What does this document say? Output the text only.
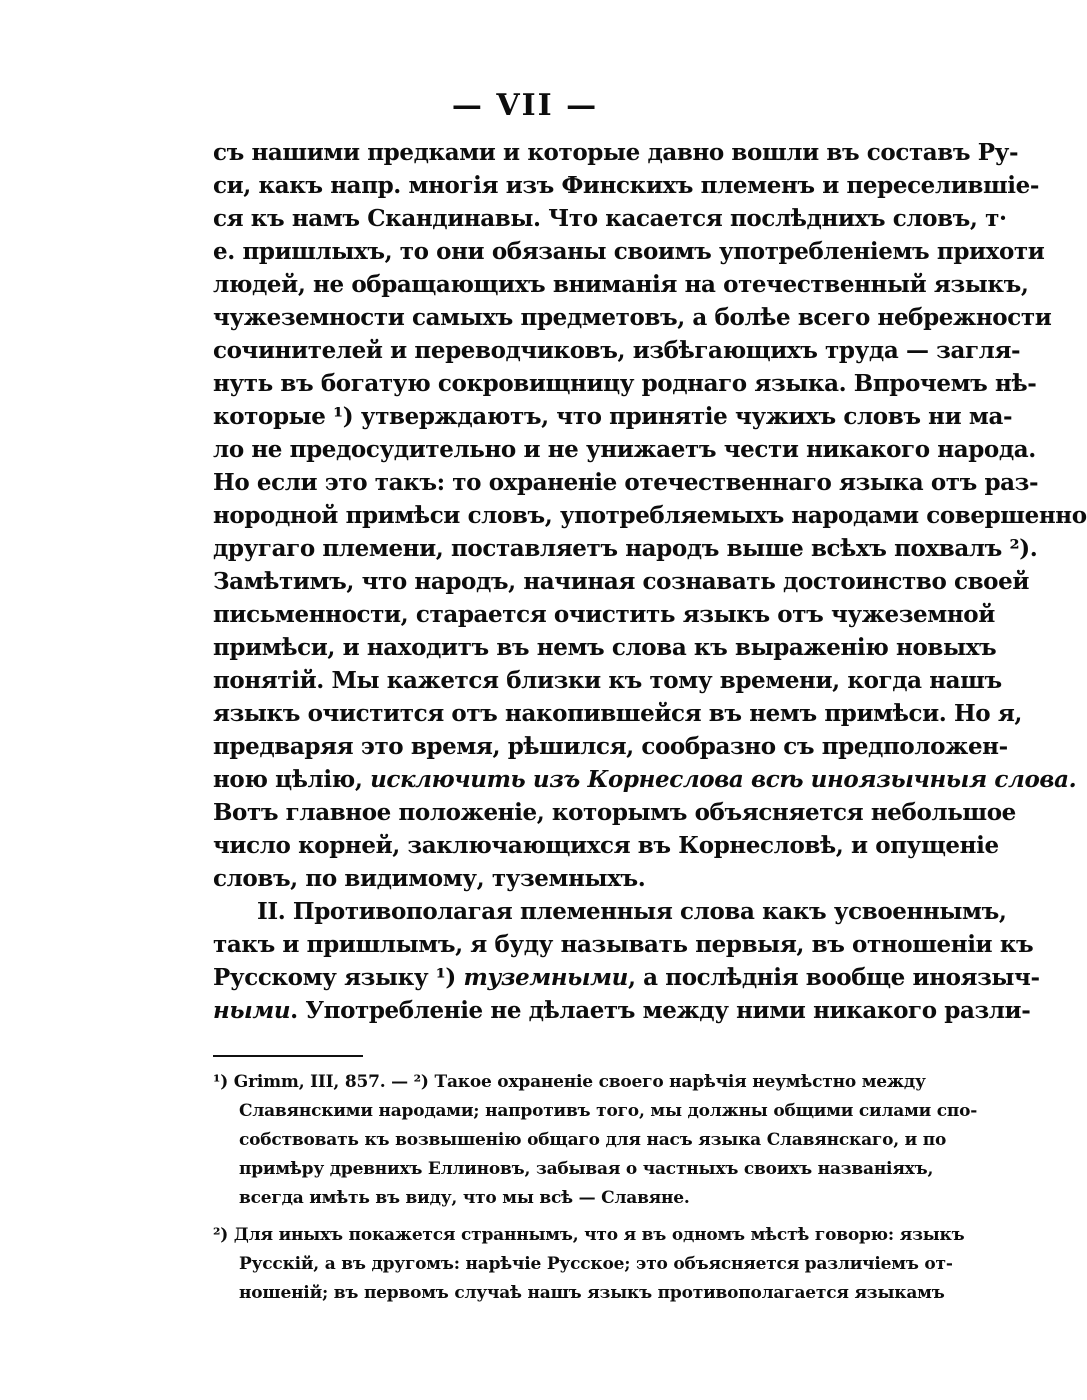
— VII —
съ нашими предками и которые давно вошли въ составъ Ру-
си, какъ напр. многія изъ Финскихъ племенъ и переселившіе-
ся къ намъ Скандинавы. Что касается послѣднихъ словъ, т·
е. пришлыхъ, то они обязаны своимъ употребленіемъ прихоти
людей, не обращающихъ вниманія на отечественный языкъ,
чужеземности самыхъ предметовъ, а болѣе всего небрежности
сочинителей и переводчиковъ, избѣгающихъ труда — загля-
нуть въ богатую сокровищницу роднаго языка. Впрочемъ нѣ-
которые ¹) утверждаютъ, что принятіе чужихъ словъ ни ма-
ло не предосудительно и не унижаетъ чести никакого народа.
Но если это такъ: то охраненіе отечественнаго языка отъ раз-
нородной примѣси словъ, употребляемыхъ народами совершенно
другаго племени, поставляетъ народъ выше всѣхъ похвалъ ²).
Замѣтимъ, что народъ, начиная сознавать достоинство своей
письменности, старается очистить языкъ отъ чужеземной
примѣси, и находитъ въ немъ слова къ выраженію новыхъ
понятій. Мы кажется близки къ тому времени, когда нашъ
языкъ очистится отъ накопившейся въ немъ примѣси. Но я,
предваряя это время, рѣшился, сообразно съ предположен-
ною цѣлію, исключить изъ Корнеслова всѣ иноязычныя слова.
Вотъ главное положеніе, которымъ объясняется небольшое
число корней, заключающихся въ Корнесловѣ, и опущеніе
словъ, по видимому, туземныхъ.
II. Противополагая племенныя слова какъ усвоеннымъ,
такъ и пришлымъ, я буду называть первыя, въ отношеніи къ
Русскому языку ¹) туземными, а послѣднія вообще иноязыч-
ными. Употребленіе не дѣлаетъ между ними никакого разли-
¹) Grimm, III, 857. — ²) Такое охраненіе своего нарѣчія неумѣстно между
Славянскими народами; напротивъ того, мы должны общими силами спо-
собствовать къ возвышенію общаго для насъ языка Славянскаго, и по
примѣру древнихъ Еллиновъ, забывая о частныхъ своихъ названіяхъ,
всегда имѣть въ виду, что мы всѣ — Славяне.
²) Для иныхъ покажется страннымъ, что я въ одномъ мѣстѣ говорю: языкъ
Русскій, а въ другомъ: нарѣчіе Русское; это объясняется различіемъ от-
ношеній; въ первомъ случаѣ нашъ языкъ противополагается языкамъ
